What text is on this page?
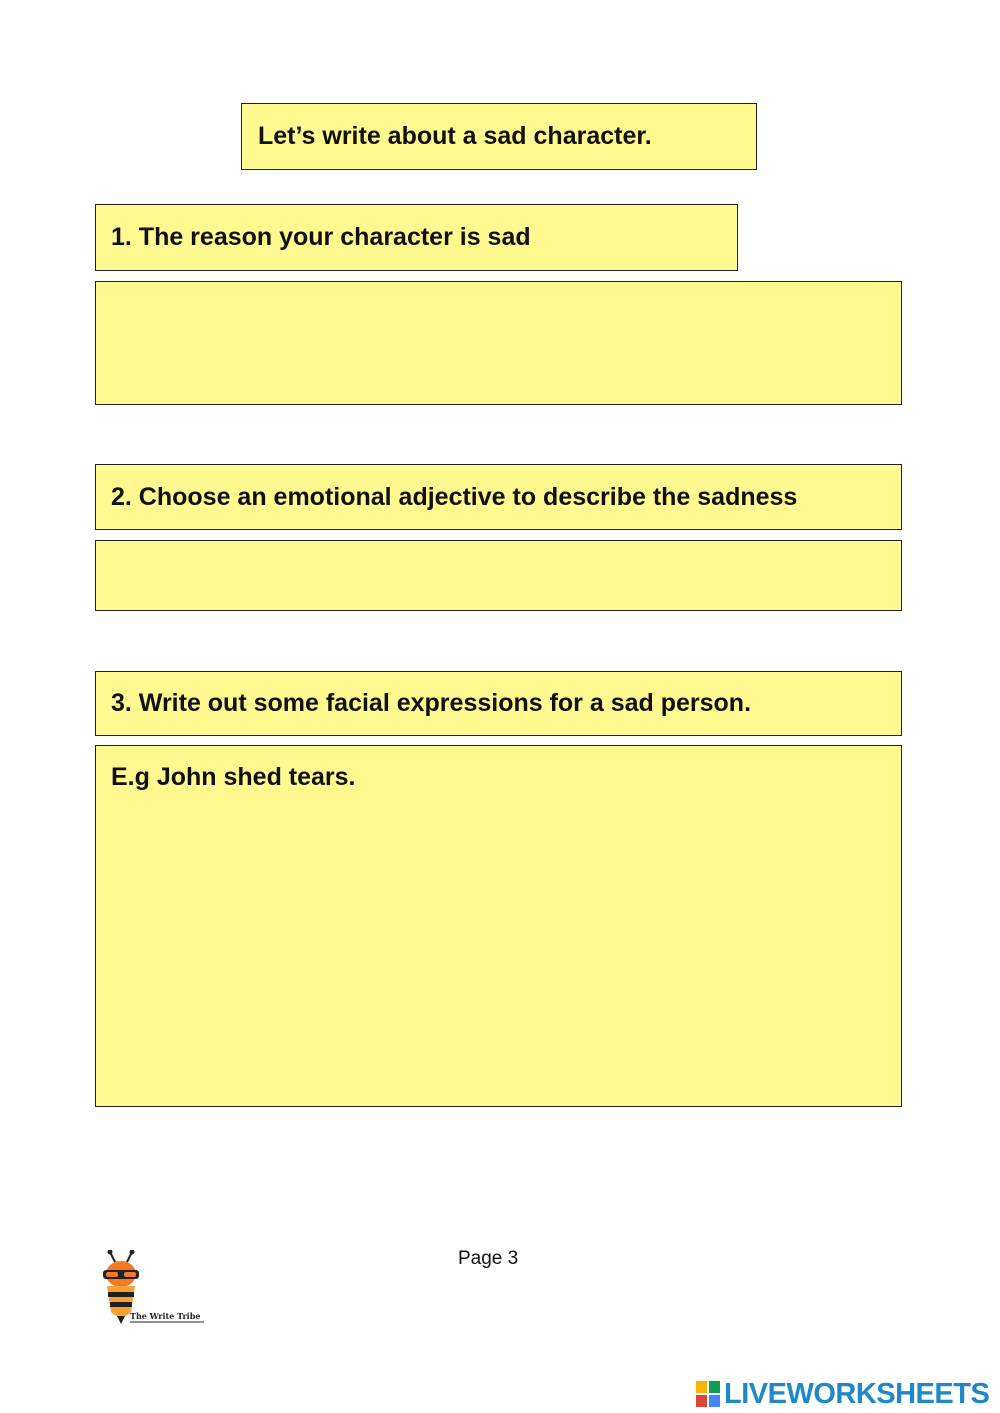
Let’s write about a sad character.
1. The reason your character is sad
2. Choose an emotional adjective to describe the sadness
3. Write out some facial expressions for a sad person.
E.g John shed tears.
Page 3
The Write Tribe
LIVEWORKSHEETS
